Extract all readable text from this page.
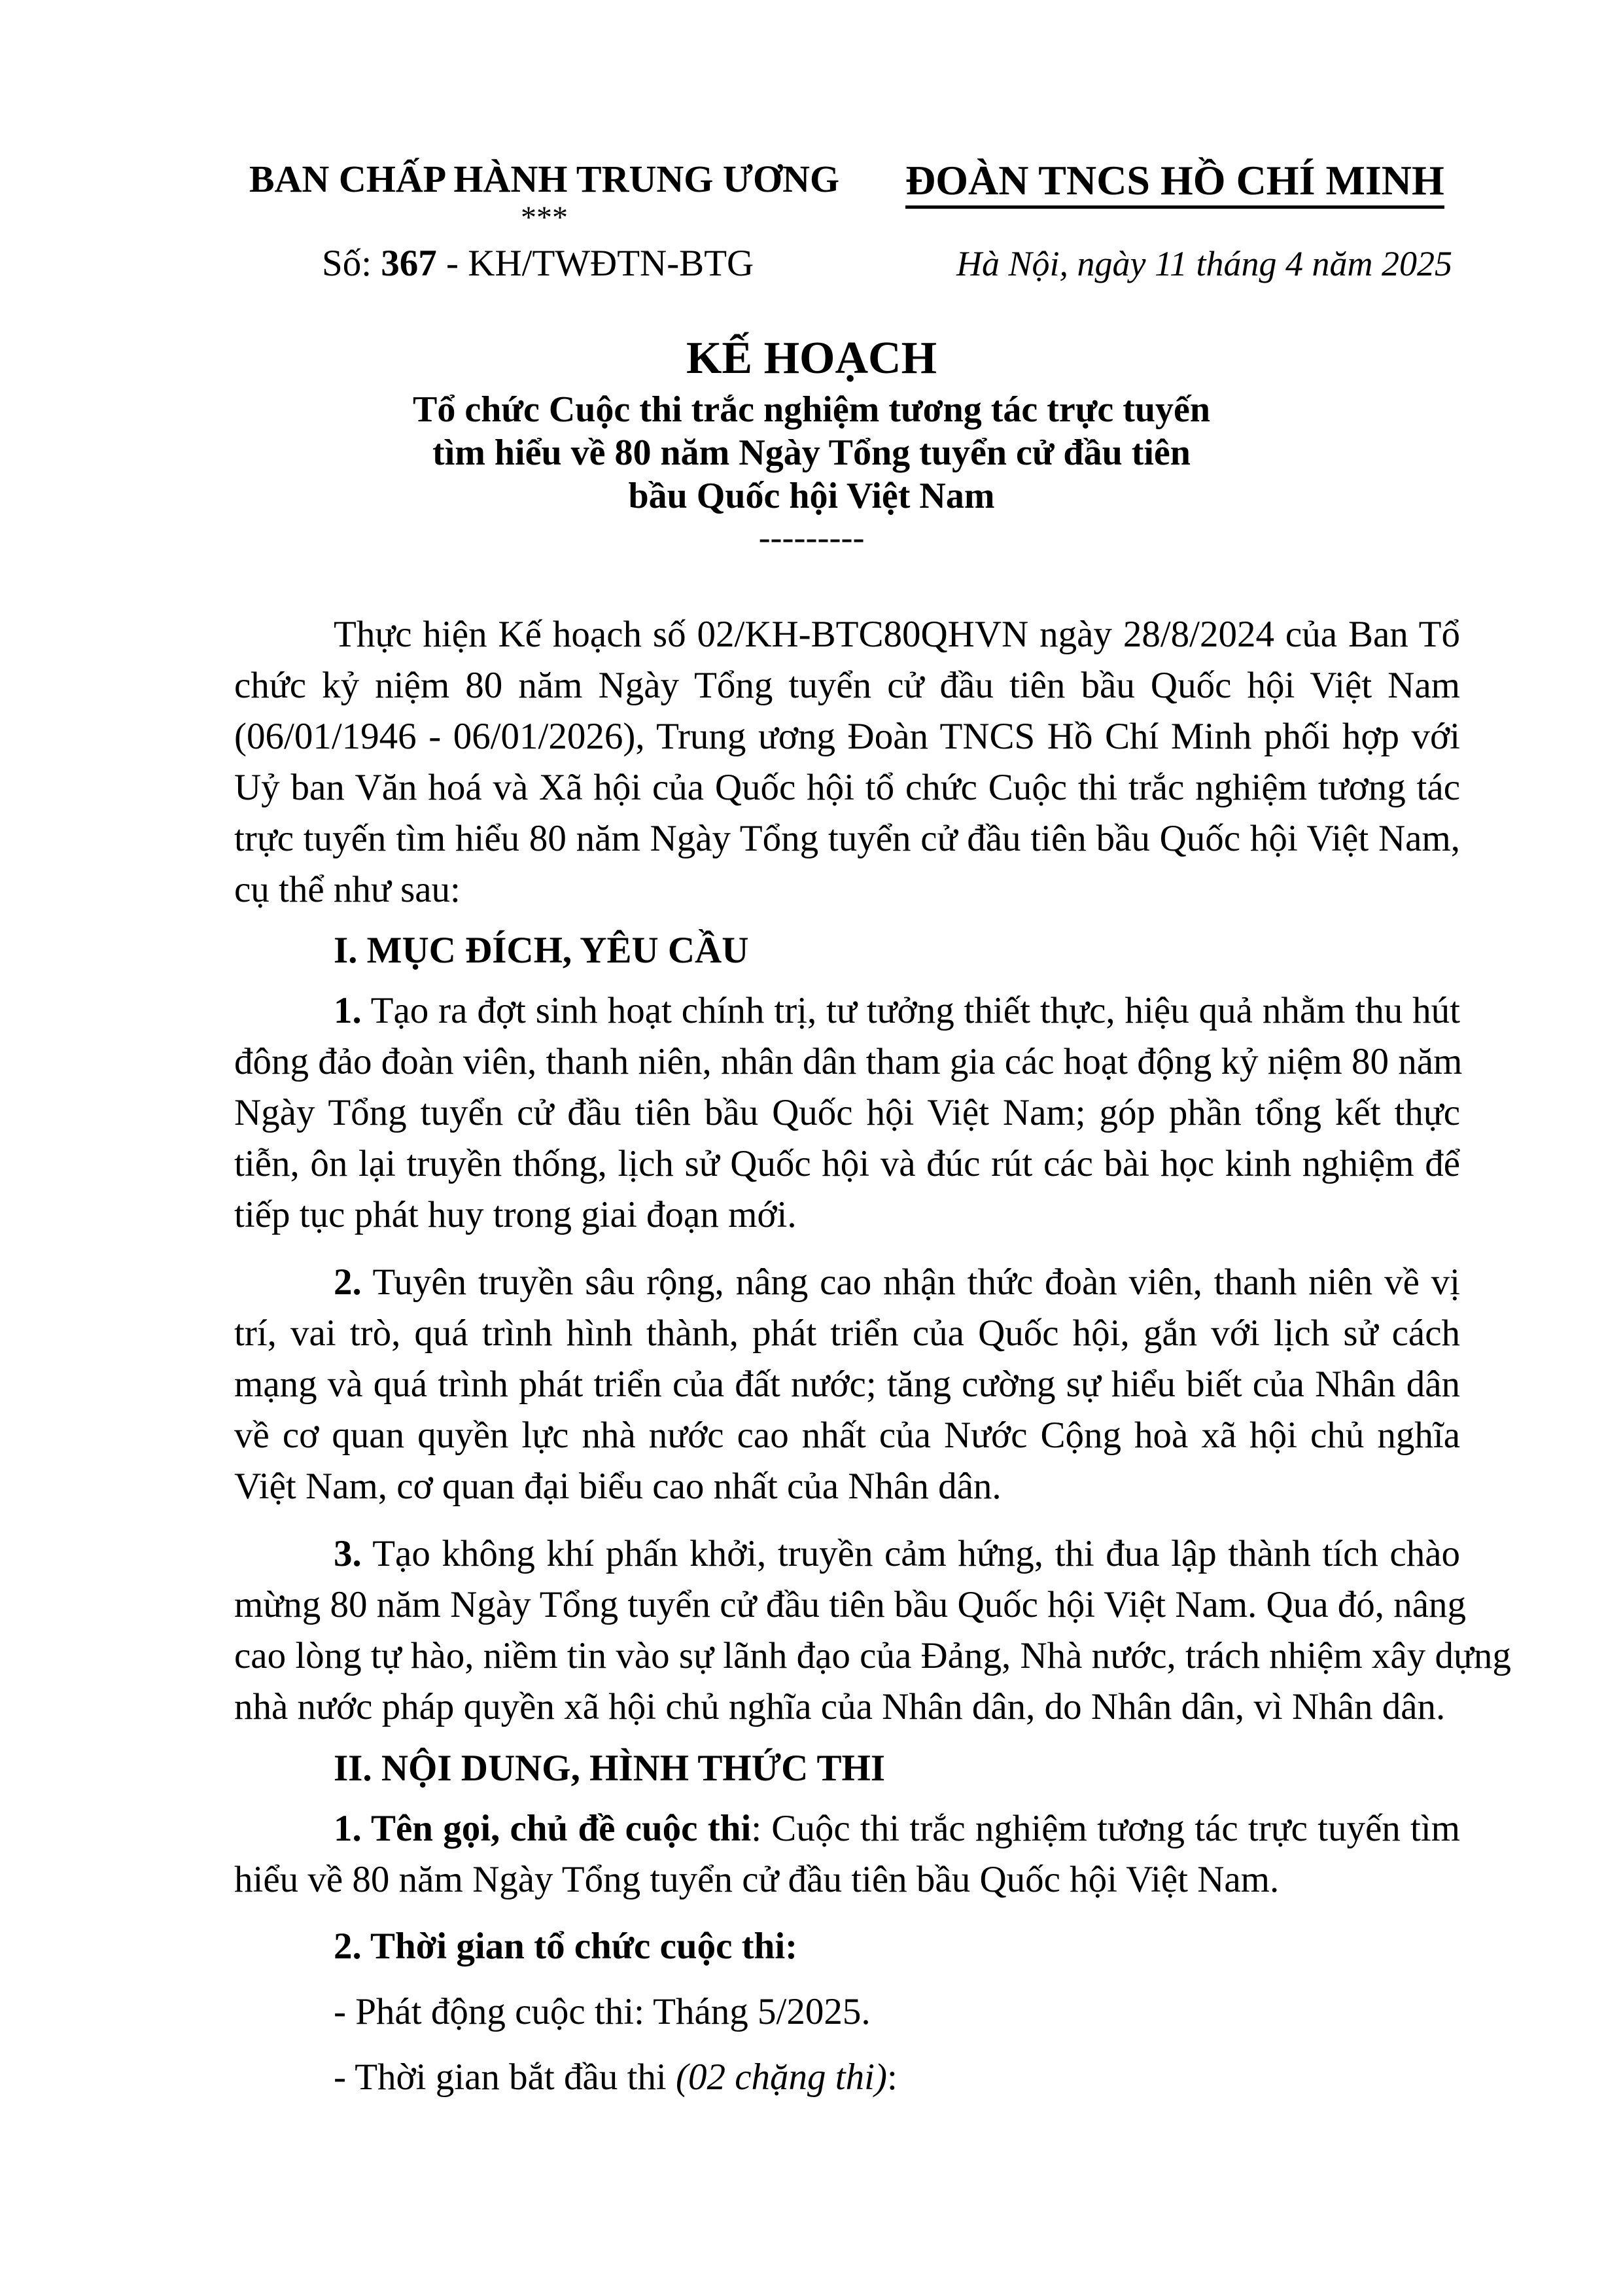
BAN CHẤP HÀNH TRUNG ƯƠNG
***
Số: 367 - KH/TWĐTN-BTG
ĐOÀN TNCS HỒ CHÍ MINH
Hà Nội, ngày 11 tháng 4 năm 2025
KẾ HOẠCH
Tổ chức Cuộc thi trắc nghiệm tương tác trực tuyến
tìm hiểu về 80 năm Ngày Tổng tuyển cử đầu tiên
bầu Quốc hội Việt Nam
---------
Thực hiện Kế hoạch số 02/KH-BTC80QHVN ngày 28/8/2024 của Ban Tổ
chức kỷ niệm 80 năm Ngày Tổng tuyển cử đầu tiên bầu Quốc hội Việt Nam
(06/01/1946 - 06/01/2026), Trung ương Đoàn TNCS Hồ Chí Minh phối hợp với
Uỷ ban Văn hoá và Xã hội của Quốc hội tổ chức Cuộc thi trắc nghiệm tương tác
trực tuyến tìm hiểu 80 năm Ngày Tổng tuyển cử đầu tiên bầu Quốc hội Việt Nam,
cụ thể như sau:
I. MỤC ĐÍCH, YÊU CẦU
1. Tạo ra đợt sinh hoạt chính trị, tư tưởng thiết thực, hiệu quả nhằm thu hút
đông đảo đoàn viên, thanh niên, nhân dân tham gia các hoạt động kỷ niệm 80 năm
Ngày Tổng tuyển cử đầu tiên bầu Quốc hội Việt Nam; góp phần tổng kết thực
tiễn, ôn lại truyền thống, lịch sử Quốc hội và đúc rút các bài học kinh nghiệm để
tiếp tục phát huy trong giai đoạn mới.
2. Tuyên truyền sâu rộng, nâng cao nhận thức đoàn viên, thanh niên về vị
trí, vai trò, quá trình hình thành, phát triển của Quốc hội, gắn với lịch sử cách
mạng và quá trình phát triển của đất nước; tăng cường sự hiểu biết của Nhân dân
về cơ quan quyền lực nhà nước cao nhất của Nước Cộng hoà xã hội chủ nghĩa
Việt Nam, cơ quan đại biểu cao nhất của Nhân dân.
3. Tạo không khí phấn khởi, truyền cảm hứng, thi đua lập thành tích chào
mừng 80 năm Ngày Tổng tuyển cử đầu tiên bầu Quốc hội Việt Nam. Qua đó, nâng
cao lòng tự hào, niềm tin vào sự lãnh đạo của Đảng, Nhà nước, trách nhiệm xây dựng
nhà nước pháp quyền xã hội chủ nghĩa của Nhân dân, do Nhân dân, vì Nhân dân.
II. NỘI DUNG, HÌNH THỨC THI
1. Tên gọi, chủ đề cuộc thi: Cuộc thi trắc nghiệm tương tác trực tuyến tìm
hiểu về 80 năm Ngày Tổng tuyển cử đầu tiên bầu Quốc hội Việt Nam.
2. Thời gian tổ chức cuộc thi:
- Phát động cuộc thi: Tháng 5/2025.
- Thời gian bắt đầu thi (02 chặng thi):
